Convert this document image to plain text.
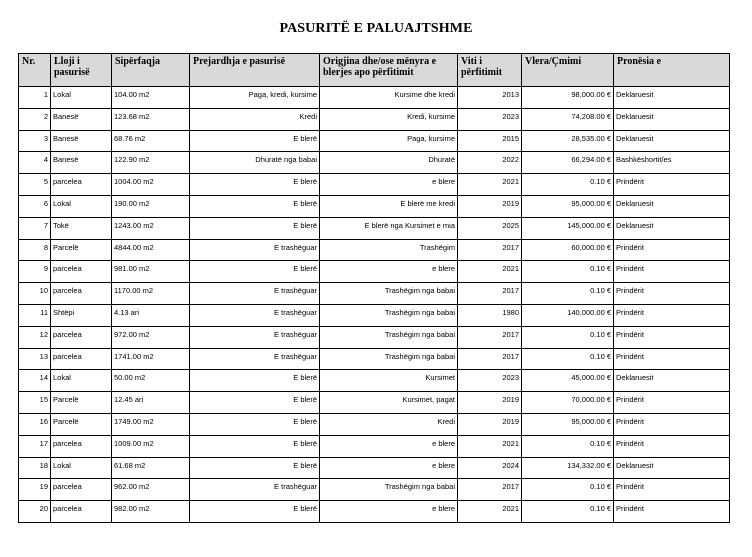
PASURITË E PALUAJTSHME
Nr.	Lloji i pasurisë	Sipërfaqja	Prejardhja e pasurisë	Origjina dhe/ose mënyra e blerjes apo përfitimit	Viti i përfitimit	Vlera/Çmimi	Pronësia e
1	Lokal	104.00 m2	Paga, kredi, kursime	Kursime dhe kredi	2013	98,000.00 €	Deklaruesit
2	Banesë	123.68 m2	Kredi	Kredi, kursime	2023	74,208.00 €	Deklaruesit
3	Banesë	68.76 m2	E blerë	Paga, kursime	2015	28,535.00 €	Deklaruesit
4	Banesë	122.90 m2	Dhuratë nga babai	Dhuratë	2022	66,294.00 €	Bashkëshortit/es
5	parcelea	1004.00 m2	E blerë	e blere	2021	0.10 €	Prindërit
6	Lokal	190.00 m2	E blerë	E blerë me kredi	2019	95,000.00 €	Deklaruesit
7	Tokë	1243.00 m2	E blerë	E blerë nga Kursimet e mia	2025	145,000.00 €	Deklaruesit
8	Parcelë	4844.00 m2	E trashëguar	Trashëgim	2017	60,000.00 €	Prindërit
9	parcelea	981.00 m2	E blerë	e blere	2021	0.10 €	Prindërit
10	parcelea	1170.00 m2	E trashëguar	Trashëgim nga babai	2017	0.10 €	Prindërit
11	Shtëpi	4.13 ari	E trashëguar	Trashëgim nga babai	1980	140,000.00 €	Prindërit
12	parcelea	972.00 m2	E trashëguar	Trashëgim nga babai	2017	0.10 €	Prindërit
13	parcelea	1741.00 m2	E trashëguar	Trashëgim nga babai	2017	0.10 €	Prindërit
14	Lokal	50.00 m2	E blerë	Kursimet	2023	45,000.00 €	Deklaruesit
15	Parcelë	12.45 ari	E blerë	Kursimet, pagat	2019	70,000.00 €	Prindërit
16	Parcelë	1749.00 m2	E blerë	Kredi	2019	95,000.00 €	Prindërit
17	parcelea	1009.00 m2	E blerë	e blere	2021	0.10 €	Prindërit
18	Lokal	61.68 m2	E blerë	e blere	2024	134,332.00 €	Deklaruesit
19	parcelea	962.00 m2	E trashëguar	Trashëgim nga babai	2017	0.10 €	Prindërit
20	parcelea	982.00 m2	E blerë	e blere	2021	0.10 €	Prindërit
